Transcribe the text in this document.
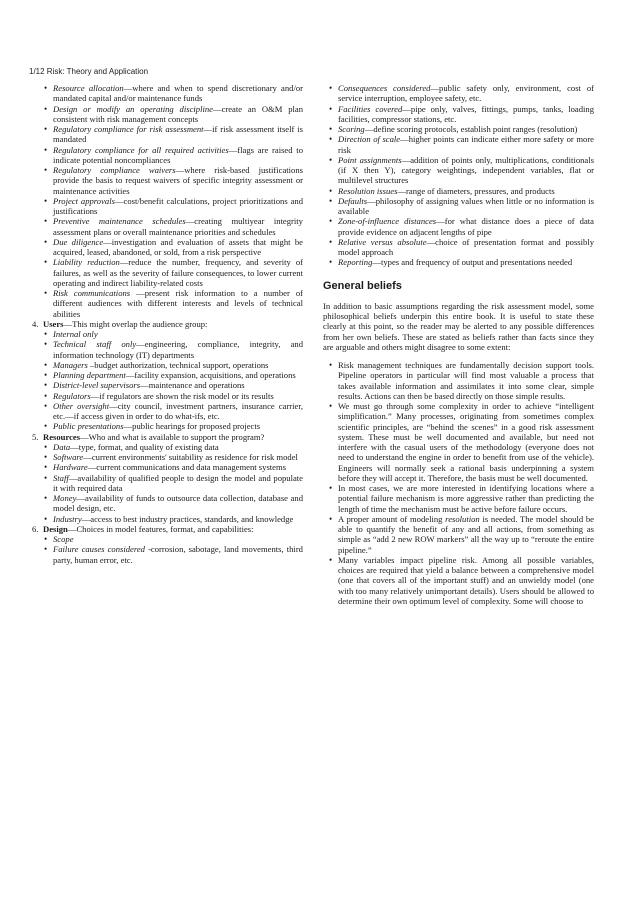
1/12 Risk: Theory and Application
• Resource allocation—where and when to spend discretionary and/or mandated capital and/or maintenance funds
• Design or modify an operating discipline—create an O&M plan consistent with risk management concepts
• Regulatory compliance for risk assessment—if risk assessment itself is mandated
• Regulatory compliance for all required activities—flags are raised to indicate potential noncompliances
• Regulatory compliance waivers—where risk-based justifications provide the basis to request waivers of specific integrity assessment or maintenance activities
• Project approvals—cost/benefit calculations, project prioritizations and justifications
• Preventive maintenance schedules—creating multiyear integrity assessment plans or overall maintenance priorities and schedules
• Due diligence—investigation and evaluation of assets that might be acquired, leased, abandoned, or sold, from a risk perspective
• Liability reduction—reduce the number, frequency, and severity of failures, as well as the severity of failure consequences, to lower current operating and indirect liability-related costs
• Risk communications —present risk information to a number of different audiences with different interests and levels of technical abilities
4. Users—This might overlap the audience group:
• Internal only
• Technical staff only—engineering, compliance, integrity, and information technology (IT) departments
• Managers –budget authorization, technical support, operations
• Planning department—facility expansion, acquisitions, and operations
• District-level supervisors—maintenance and operations
• Regulators—if regulators are shown the risk model or its results
• Other oversight—city council, investment partners, insurance carrier, etc.—if access given in order to do what-ifs, etc.
• Public presentations—public hearings for proposed projects
5. Resources—Who and what is available to support the program?
• Data—type, format, and quality of existing data
• Software—current environments' suitability as residence for risk model
• Hardware—current communications and data management systems
• Staff—availability of qualified people to design the model and populate it with required data
• Money—availability of funds to outsource data collection, database and model design, etc.
• Industry—access to best industry practices, standards, and knowledge
6. Design—Choices in model features, format, and capabilities:
• Scope
• Failure causes considered -corrosion, sabotage, land movements, third party, human error, etc.
• Consequences considered—public safety only, environment, cost of service interruption, employee safety, etc.
• Facilities covered—pipe only, valves, fittings, pumps, tanks, loading facilities, compressor stations, etc.
• Scoring—define scoring protocols, establish point ranges (resolution)
• Direction of scale—higher points can indicate either more safety or more risk
• Point assignments—addition of points only, multiplications, conditionals (if X then Y), category weightings, independent variables, flat or multilevel structures
• Resolution issues—range of diameters, pressures, and products
• Defaults—philosophy of assigning values when little or no information is available
• Zone-of-influence distances—for what distance does a piece of data provide evidence on adjacent lengths of pipe
• Relative versus absolute—choice of presentation format and possibly model approach
• Reporting—types and frequency of output and presentations needed
General beliefs

In addition to basic assumptions regarding the risk assessment model, some philosophical beliefs underpin this entire book. It is useful to state these clearly at this point, so the reader may be alerted to any possible differences from her own beliefs. These are stated as beliefs rather than facts since they are arguable and others might disagree to some extent:

• Risk management techniques are fundamentally decision support tools. Pipeline operators in particular will find most valuable a process that takes available information and assimilates it into some clear, simple results. Actions can then be based directly on those simple results.
• We must go through some complexity in order to achieve “intelligent simplification.” Many processes, originating from sometimes complex scientific principles, are “behind the scenes” in a good risk assessment system. These must be well documented and available, but need not interfere with the casual users of the methodology (everyone does not need to understand the engine in order to benefit from use of the vehicle). Engineers will normally seek a rational basis underpinning a system before they will accept it. Therefore, the basis must be well documented.
• In most cases, we are more interested in identifying locations where a potential failure mechanism is more aggressive rather than predicting the length of time the mechanism must be active before failure occurs.
• A proper amount of modeling resolution is needed. The model should be able to quantify the benefit of any and all actions, from something as simple as “add 2 new ROW markers” all the way up to “reroute the entire pipeline.”
• Many variables impact pipeline risk. Among all possible variables, choices are required that yield a balance between a comprehensive model (one that covers all of the important stuff) and an unwieldy model (one with too many relatively unimportant details). Users should be allowed to determine their own optimum level of complexity. Some will choose to
